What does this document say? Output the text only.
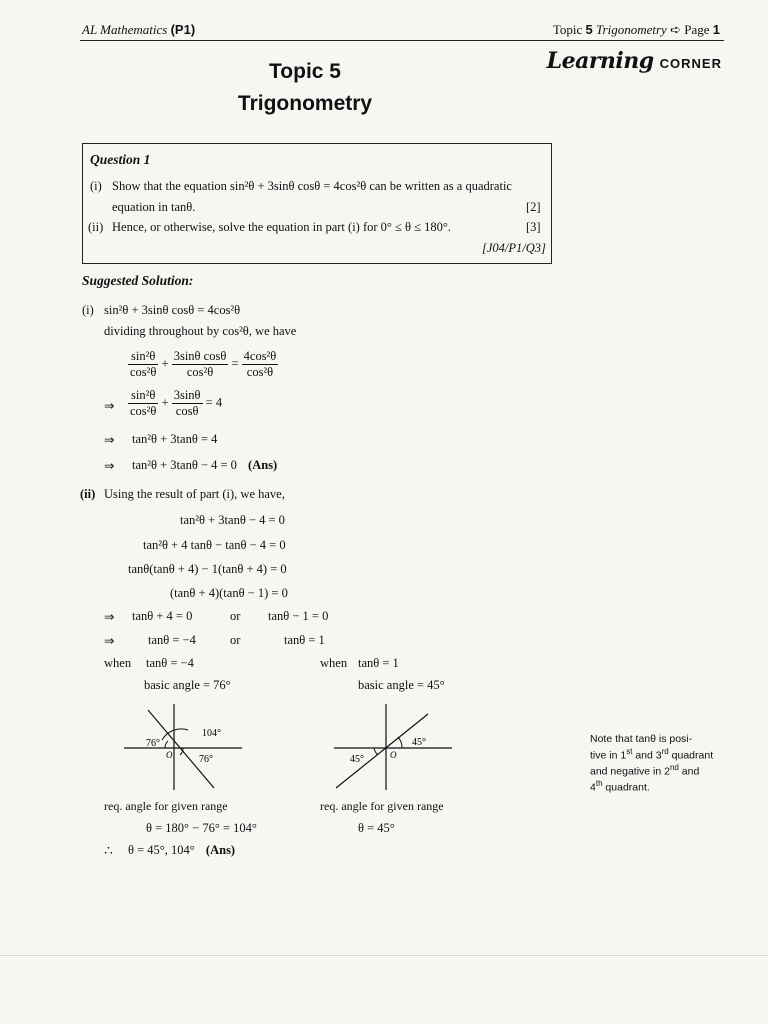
AL Mathematics (P1)	Topic 5 Trigonometry ➪ Page 1
Learning CORNER
Topic 5
Trigonometry
Question 1
(i) Show that the equation sin²θ + 3sinθ cosθ = 4cos²θ can be written as a quadratic
equation in tanθ.	[2]
(ii) Hence, or otherwise, solve the equation in part (i) for 0° ≤ θ ≤ 180°.	[3]
[J04/P1/Q3]
Suggested Solution:
(i) sin²θ + 3sinθ cosθ = 4cos²θ
dividing throughout by cos²θ, we have
$\frac{\text{sin²θ}}{\text{cos²θ}} + \frac{\text{3sinθ cosθ}}{\text{cos²θ}} = \frac{\text{4cos²θ}}{\text{cos²θ}}$
⇒ $\frac{\text{sin²θ}}{\text{cos²θ}} + \frac{3\sin\theta}{\cos\theta} = 4$
⇒ tan²θ + 3tanθ = 4
⇒ tan²θ + 3tanθ − 4 = 0 (Ans)
(ii) Using the result of part (i), we have,
tan²θ + 3tanθ − 4 = 0
tan²θ + 4 tanθ − tanθ − 4 = 0
tanθ(tanθ + 4) − 1(tanθ + 4) = 0
(tanθ + 4)(tanθ − 1) = 0
⇒ tanθ + 4 = 0	or tanθ − 1 = 0
⇒	tanθ = −4	or	tanθ = 1
when tanθ = −4	when tanθ = 1
basic angle = 76°	basic angle = 45°
104°
76°
76°
O
45°
45°	O
req. angle for given range	req. angle for given range
θ = 180° − 76° = 104°	θ = 45°
∴ θ = 45°, 104° (Ans)
Note that tanθ is posi-
tive in 1st and 3rd quadrant
and negative in 2nd and
4th quadrant.
